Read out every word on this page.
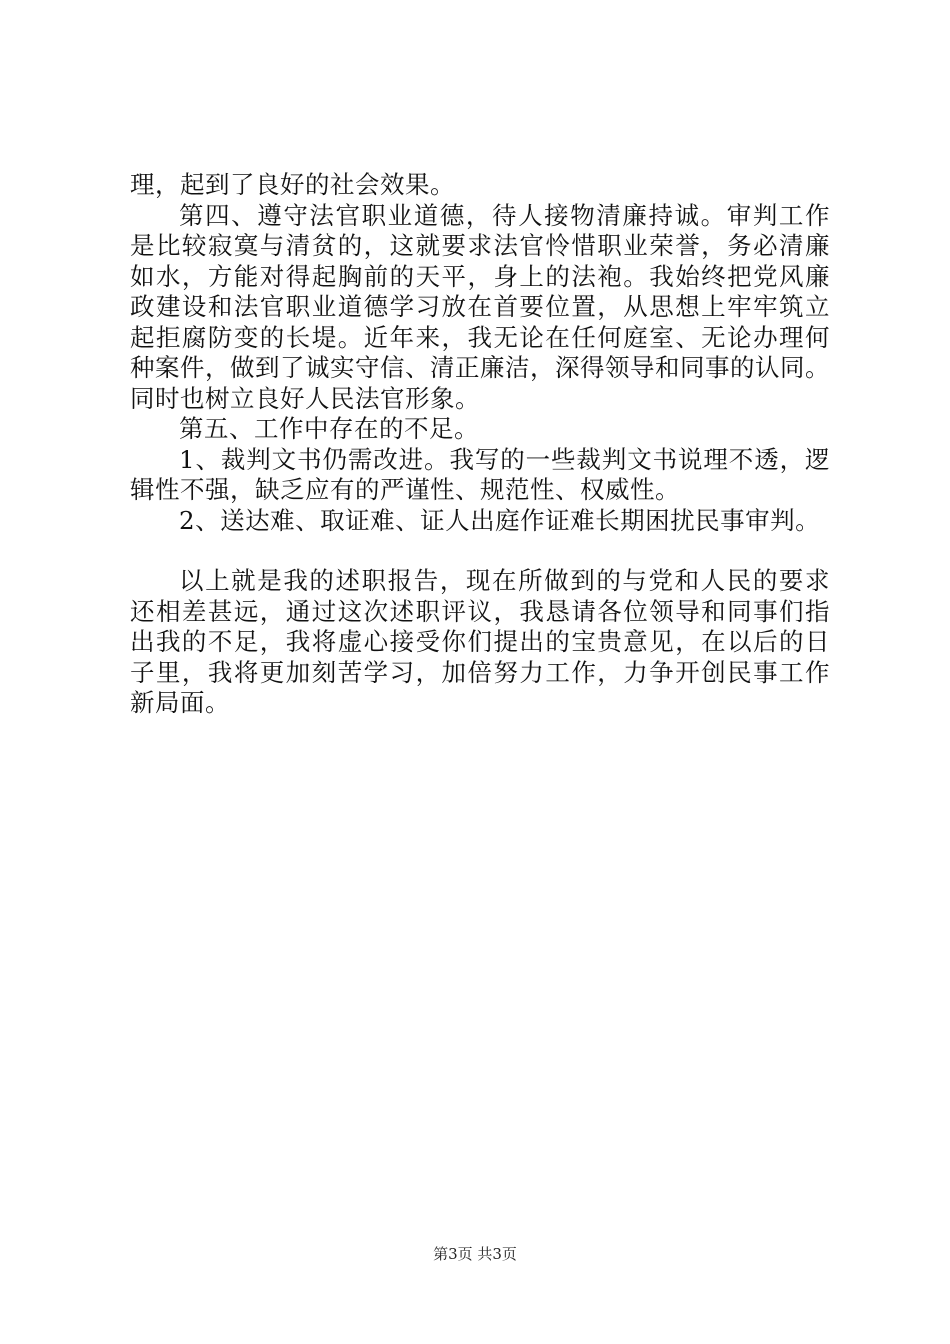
理，起到了良好的社会效果。
第四、遵守法官职业道德，待人接物清廉持诚。审判工作
是比较寂寞与清贫的，这就要求法官怜惜职业荣誉，务必清廉
如水，方能对得起胸前的天平，身上的法袍。我始终把党风廉
政建设和法官职业道德学习放在首要位置，从思想上牢牢筑立
起拒腐防变的长堤。近年来，我无论在任何庭室、无论办理何
种案件，做到了诚实守信、清正廉洁，深得领导和同事的认同。
同时也树立良好人民法官形象。
第五、工作中存在的不足。
1、裁判文书仍需改进。我写的一些裁判文书说理不透，逻
辑性不强，缺乏应有的严谨性、规范性、权威性。
2、送达难、取证难、证人出庭作证难长期困扰民事审判。
以上就是我的述职报告，现在所做到的与党和人民的要求
还相差甚远，通过这次述职评议，我恳请各位领导和同事们指
出我的不足，我将虚心接受你们提出的宝贵意见，在以后的日
子里，我将更加刻苦学习，加倍努力工作，力争开创民事工作
新局面。
第3页 共3页
